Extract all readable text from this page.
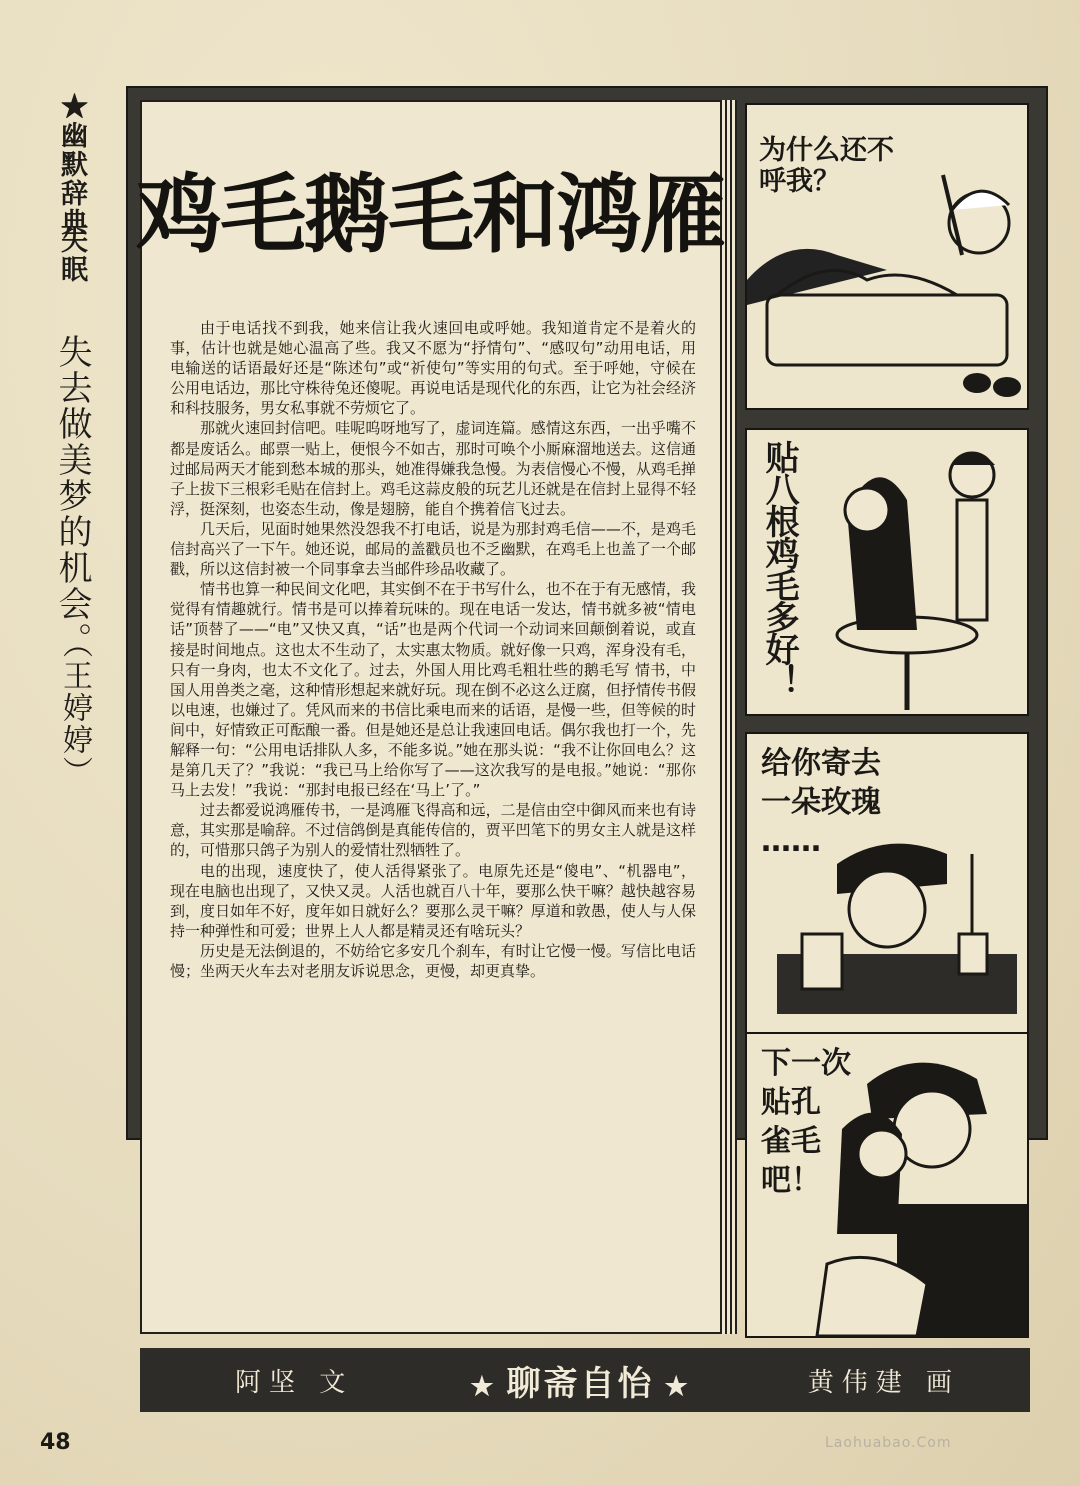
★幽默辞典
失眠
失去做美梦的机会。
（王婷婷）
鸡毛鹅毛和鸿雁

由于电话找不到我，她来信让我火速回电或呼她。我知道肯定不是着火的事，估计也就是她心温高了些。我又不愿为“抒情句”、“感叹句”动用电话，用电输送的话语最好还是“陈述句”或“祈使句”等实用的句式。至于呼她，守候在公用电话边，那比守株待兔还傻呢。再说电话是现代化的东西，让它为社会经济和科技服务，男女私事就不劳烦它了。

那就火速回封信吧。哇呢呜呀地写了，虚词连篇。感情这东西，一出乎嘴不都是废话么。邮票一贴上，便恨今不如古，那时可唤个小厮麻溜地送去。这信通过邮局两天才能到愁本城的那头，她准得嫌我急慢。为表信慢心不慢，从鸡毛掸子上拔下三根彩毛贴在信封上。鸡毛这蒜皮般的玩艺儿还就是在信封上显得不轻浮，挺深刻，也姿态生动，像是翅膀，能自个携着信飞过去。

几天后，见面时她果然没怨我不打电话，说是为那封鸡毛信——不，是鸡毛信封高兴了一下午。她还说，邮局的盖戳员也不乏幽默，在鸡毛上也盖了一个邮戳，所以这信封被一个同事拿去当邮件珍品收藏了。

情书也算一种民间文化吧，其实倒不在于书写什么，也不在于有无感情，我觉得有情趣就行。情书是可以捧着玩味的。现在电话一发达，情书就多被“情电话”顶替了——“电”又快又真，“话”也是两个代词一个动词来回颠倒着说，或直接是时间地点。这也太不生动了，太实惠太物质。就好像一只鸡，浑身没有毛，只有一身肉，也太不文化了。过去，外国人用比鸡毛粗壮些的鹅毛写 情书，中国人用兽类之毫，这种情形想起来就好玩。现在倒不必这么迂腐，但抒情传书假以电速，也嫌过了。凭风而来的书信比乘电而来的话语，是慢一些，但等候的时间中，好情致正可酝酿一番。但是她还是总让我速回电话。偶尔我也打一个，先解释一句：“公用电话排队人多，不能多说。”她在那头说：“我不让你回电么？这是第几天了？”我说：“我已马上给你写了——这次我写的是电报。”她说：“那你马上去发！”我说：“那封电报已经在‘马上’了。”

过去都爱说鸿雁传书，一是鸿雁飞得高和远，二是信由空中御风而来也有诗意，其实那是喻辞。不过信鸽倒是真能传信的，贾平凹笔下的男女主人就是这样的，可惜那只鸽子为别人的爱情壮烈牺牲了。

电的出现，速度快了，使人活得紧张了。电原先还是“傻电”、“机器电”，现在电脑也出现了，又快又灵。人活也就百八十年，要那么快干嘛？越快越容易到，度日如年不好，度年如日就好么？要那么灵干嘛？厚道和敦愚，使人与人保持一种弹性和可爱；世界上人人都是精灵还有啥玩头？

历史是无法倒退的，不妨给它多安几个刹车，有时让它慢一慢。写信比电话慢；坐两天火车去对老朋友诉说思念，更慢，却更真挚。

为什么还不
呼我？
贴八根鸡毛多好！
给你寄去
一朵玫瑰
……
下一次
贴孔
雀毛
吧！
阿坚 文	★ 聊斋自怡 ★	黄伟建 画
48	Laohuabao.Com
